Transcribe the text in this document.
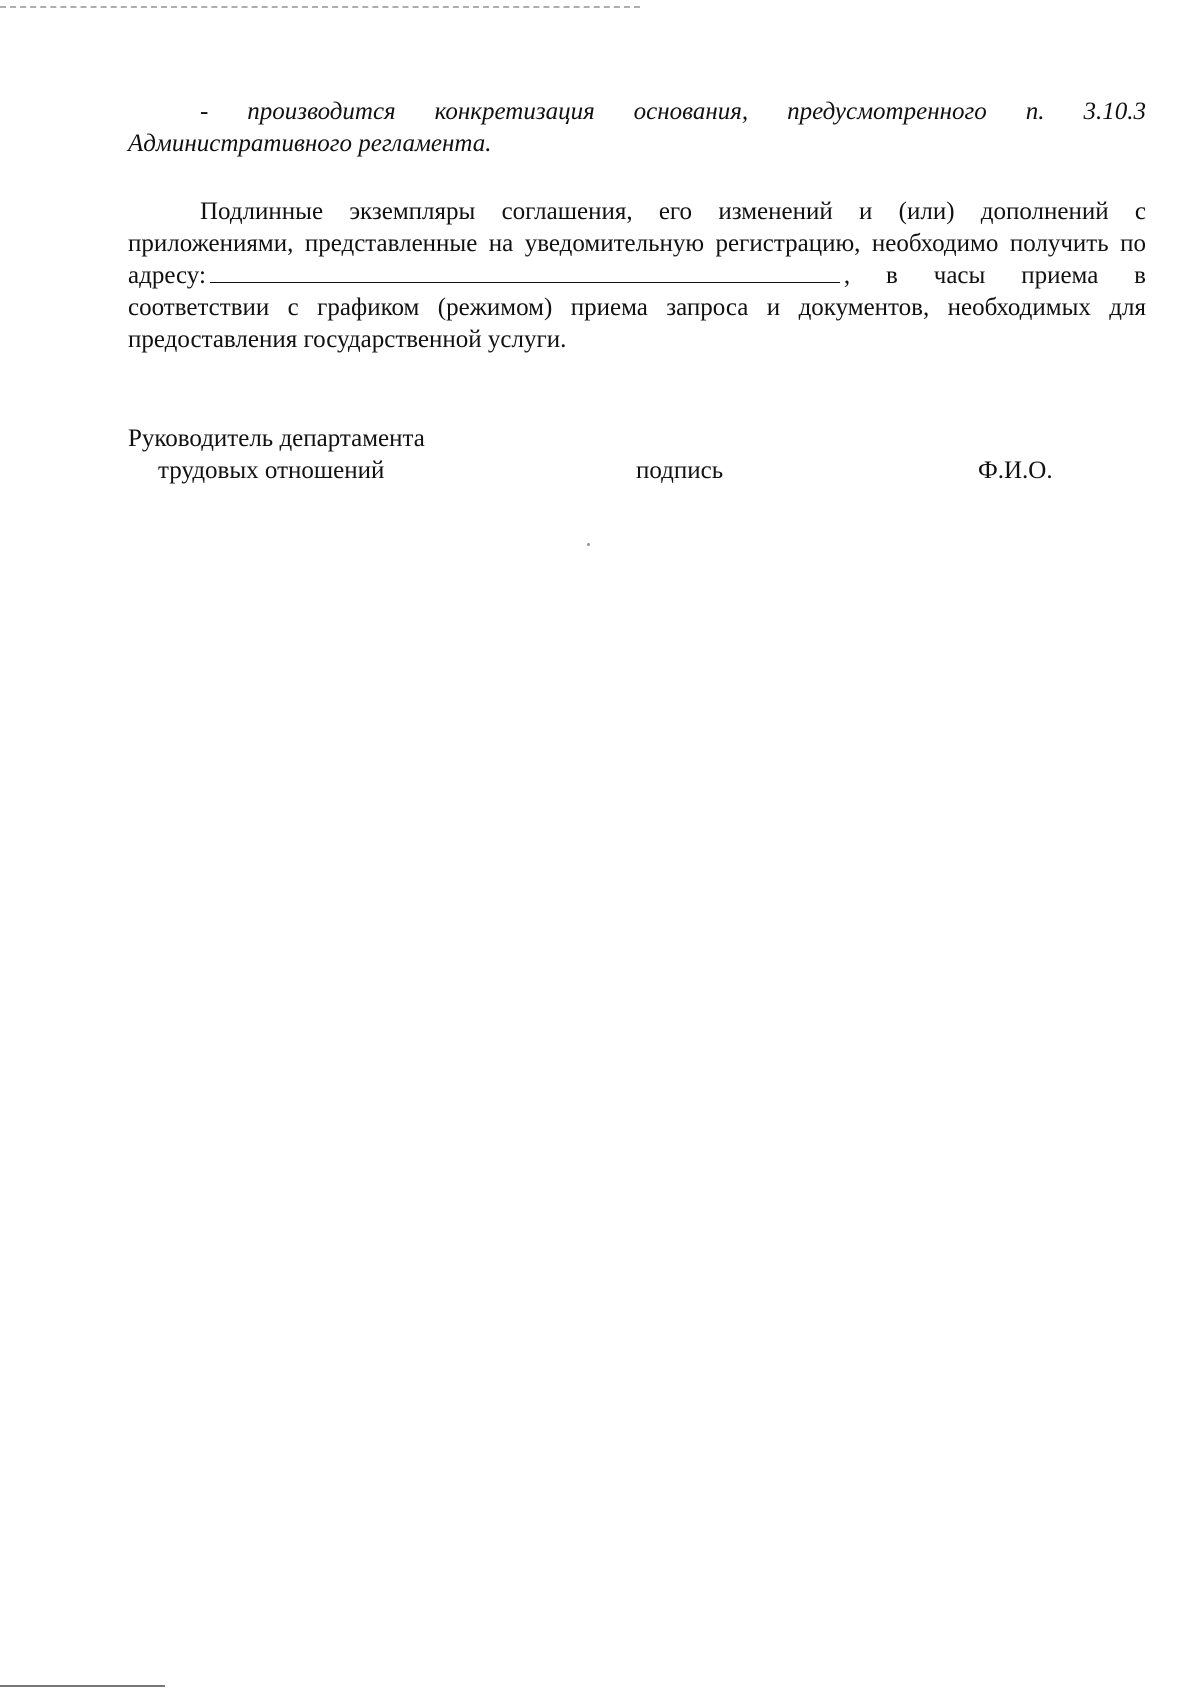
- производится конкретизация основания, предусмотренного п. 3.10.3 Административного регламента.

Подлинные экземпляры соглашения, его изменений и (или) дополнений с приложениями, представленные на уведомительную регистрацию, необходимо получить по адресу:	, в часы приема в соответствии с графиком (режимом) приема запроса и документов, необходимых для предоставления государственной услуги.

Руководитель департамента
трудовых отношений	подпись	Ф.И.О.
